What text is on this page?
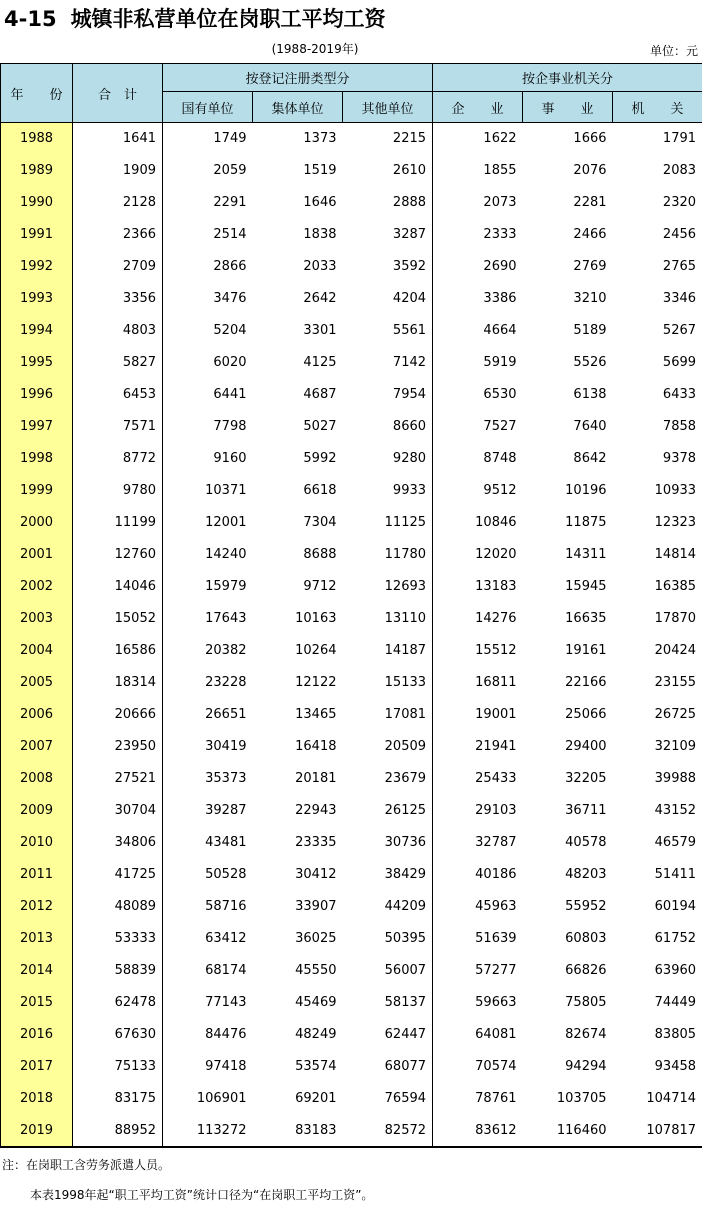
4-15 城镇非私营单位在岗职工平均工资
(1988-2019年)	单位：元
年　　份	合　计	按登记注册类型分			按企事业机关分		
		国有单位	集体单位	其他单位	企　　业	事　　业	机　　关
1988	1641	1749	1373	2215	1622	1666	1791
1989	1909	2059	1519	2610	1855	2076	2083
1990	2128	2291	1646	2888	2073	2281	2320
1991	2366	2514	1838	3287	2333	2466	2456
1992	2709	2866	2033	3592	2690	2769	2765
1993	3356	3476	2642	4204	3386	3210	3346
1994	4803	5204	3301	5561	4664	5189	5267
1995	5827	6020	4125	7142	5919	5526	5699
1996	6453	6441	4687	7954	6530	6138	6433
1997	7571	7798	5027	8660	7527	7640	7858
1998	8772	9160	5992	9280	8748	8642	9378
1999	9780	10371	6618	9933	9512	10196	10933
2000	11199	12001	7304	11125	10846	11875	12323
2001	12760	14240	8688	11780	12020	14311	14814
2002	14046	15979	9712	12693	13183	15945	16385
2003	15052	17643	10163	13110	14276	16635	17870
2004	16586	20382	10264	14187	15512	19161	20424
2005	18314	23228	12122	15133	16811	22166	23155
2006	20666	26651	13465	17081	19001	25066	26725
2007	23950	30419	16418	20509	21941	29400	32109
2008	27521	35373	20181	23679	25433	32205	39988
2009	30704	39287	22943	26125	29103	36711	43152
2010	34806	43481	23335	30736	32787	40578	46579
2011	41725	50528	30412	38429	40186	48203	51411
2012	48089	58716	33907	44209	45963	55952	60194
2013	53333	63412	36025	50395	51639	60803	61752
2014	58839	68174	45550	56007	57277	66826	63960
2015	62478	77143	45469	58137	59663	75805	74449
2016	67630	84476	48249	62447	64081	82674	83805
2017	75133	97418	53574	68077	70574	94294	93458
2018	83175	106901	69201	76594	78761	103705	104714
2019	88952	113272	83183	82572	83612	116460	107817
注：在岗职工含劳务派遣人员。
本表1998年起“职工平均工资”统计口径为“在岗职工平均工资”。
